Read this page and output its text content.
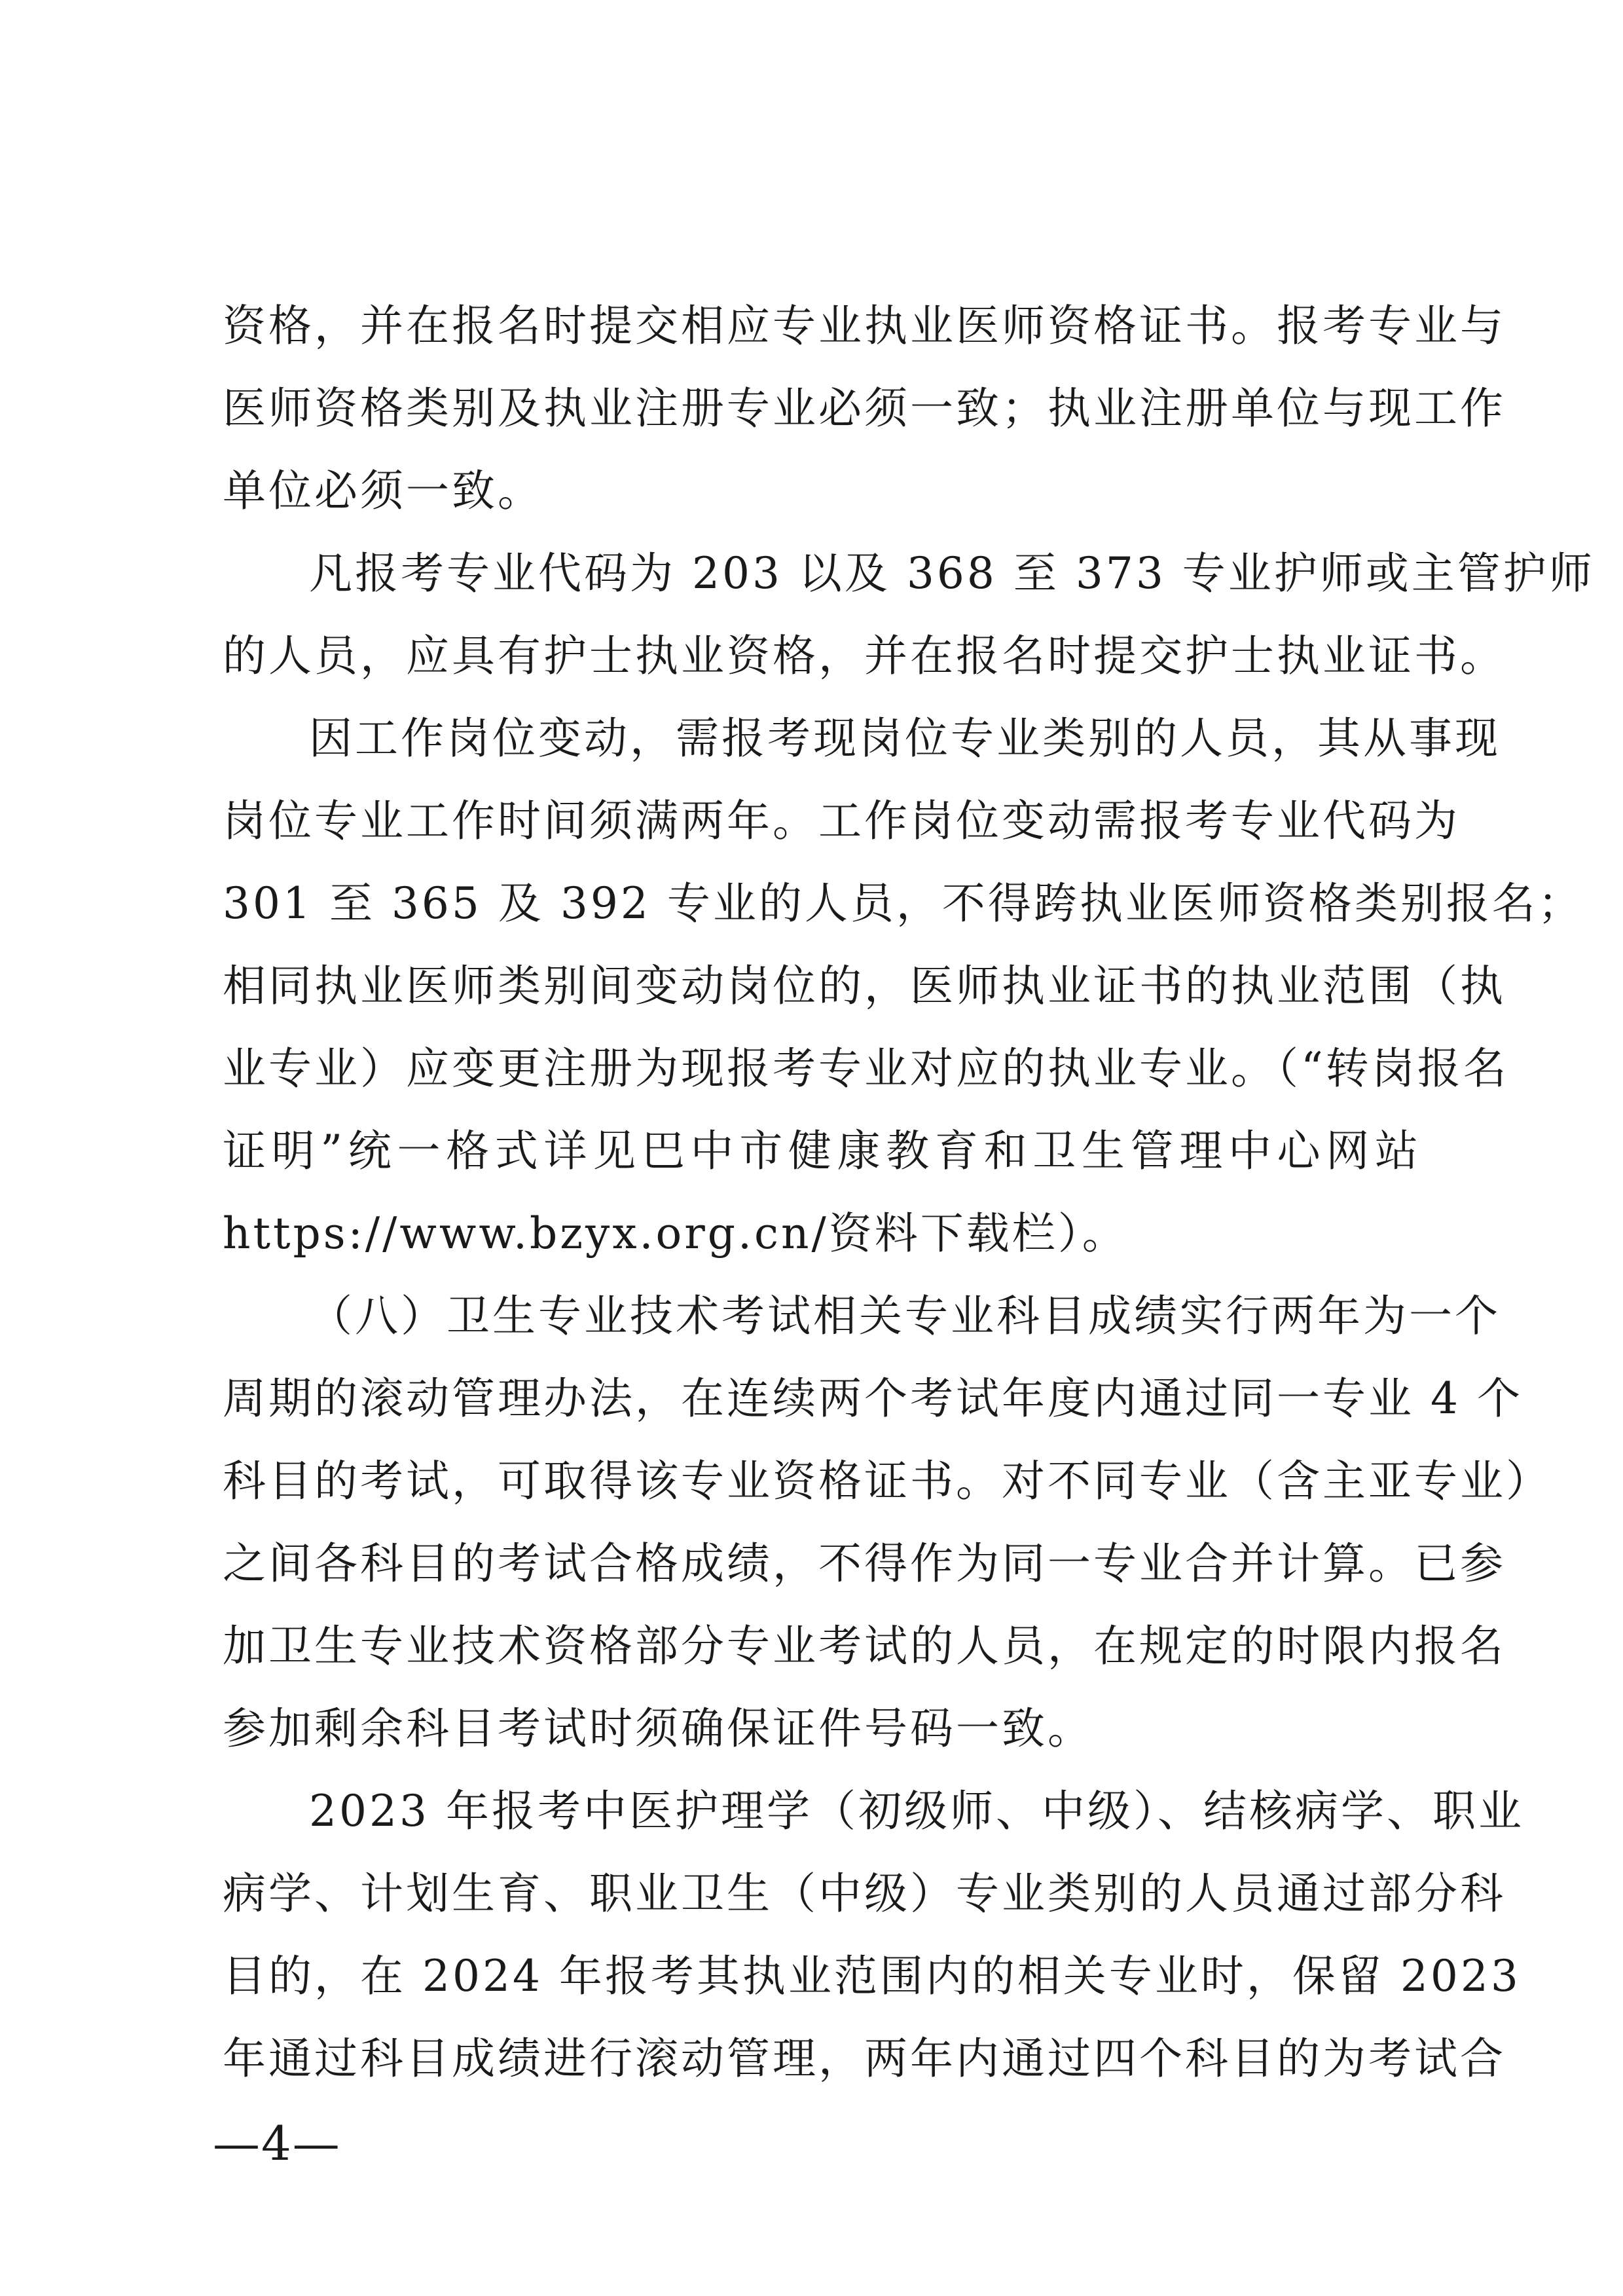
资格，并在报名时提交相应专业执业医师资格证书。报考专业与
医师资格类别及执业注册专业必须一致；执业注册单位与现工作
单位必须一致。
凡报考专业代码为 203 以及 368 至 373 专业护师或主管护师
的人员，应具有护士执业资格，并在报名时提交护士执业证书。
因工作岗位变动，需报考现岗位专业类别的人员，其从事现
岗位专业工作时间须满两年。工作岗位变动需报考专业代码为
301 至 365 及 392 专业的人员，不得跨执业医师资格类别报名；
相同执业医师类别间变动岗位的，医师执业证书的执业范围（执
业专业）应变更注册为现报考专业对应的执业专业。（“转岗报名
证明”统一格式详见巴中市健康教育和卫生管理中心网站
https://www.bzyx.org.cn/资料下载栏）。
（八）卫生专业技术考试相关专业科目成绩实行两年为一个
周期的滚动管理办法，在连续两个考试年度内通过同一专业 4 个
科目的考试，可取得该专业资格证书。对不同专业（含主亚专业）
之间各科目的考试合格成绩，不得作为同一专业合并计算。已参
加卫生专业技术资格部分专业考试的人员，在规定的时限内报名
参加剩余科目考试时须确保证件号码一致。
2023 年报考中医护理学（初级师、中级）、结核病学、职业
病学、计划生育、职业卫生（中级）专业类别的人员通过部分科
目的，在 2024 年报考其执业范围内的相关专业时，保留 2023
年通过科目成绩进行滚动管理，两年内通过四个科目的为考试合
—4—
